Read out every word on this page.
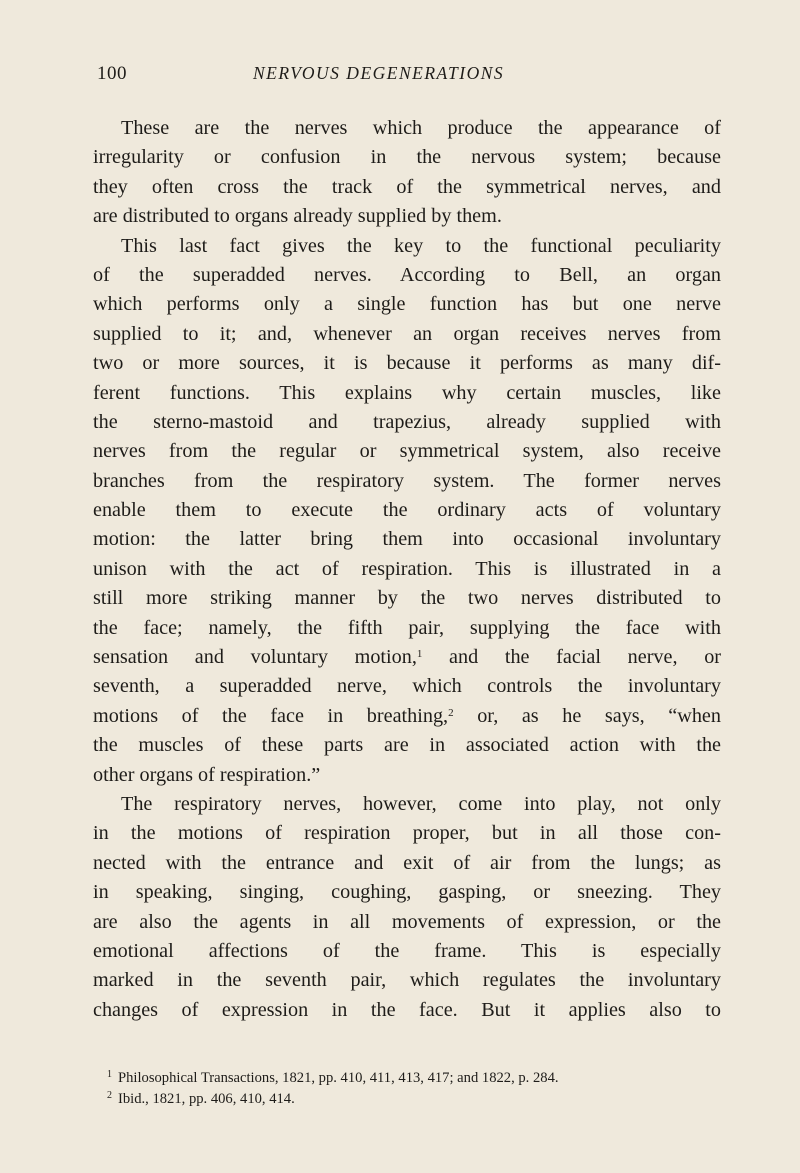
100	NERVOUS DEGENERATIONS
These are the nerves which produce the appearance of
irregularity or confusion in the nervous system; because
they often cross the track of the symmetrical nerves, and
are distributed to organs already supplied by them.
This last fact gives the key to the functional peculiarity
of the superadded nerves. According to Bell, an organ
which performs only a single function has but one nerve
supplied to it; and, whenever an organ receives nerves from
two or more sources, it is because it performs as many dif-
ferent functions. This explains why certain muscles, like
the sterno-mastoid and trapezius, already supplied with
nerves from the regular or symmetrical system, also receive
branches from the respiratory system. The former nerves
enable them to execute the ordinary acts of voluntary
motion: the latter bring them into occasional involuntary
unison with the act of respiration. This is illustrated in a
still more striking manner by the two nerves distributed to
the face; namely, the fifth pair, supplying the face with
sensation and voluntary motion,$^1$ and the facial nerve, or
seventh, a superadded nerve, which controls the involuntary
motions of the face in breathing,$^2$ or, as he says, “when
the muscles of these parts are in associated action with the
other organs of respiration.”
The respiratory nerves, however, come into play, not only
in the motions of respiration proper, but in all those con-
nected with the entrance and exit of air from the lungs; as
in speaking, singing, coughing, gasping, or sneezing. They
are also the agents in all movements of expression, or the
emotional affections of the frame. This is especially
marked in the seventh pair, which regulates the involuntary
changes of expression in the face. But it applies also to
$^1$ Philosophical Transactions, 1821, pp. 410, 411, 413, 417; and 1822, p. 284.
$^2$ Ibid., 1821, pp. 406, 410, 414.
